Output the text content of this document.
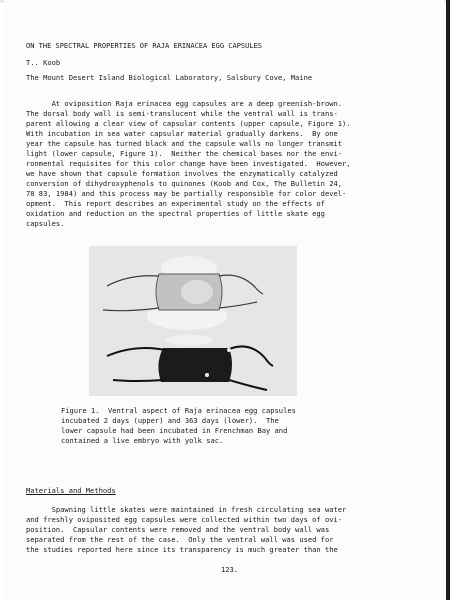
ON THE SPECTRAL PROPERTIES OF RAJA ERINACEA EGG CAPSULES
T.. Koob
The Mount Desert Island Biological Laboratory, Salsbury Cove, Maine
At oviposition Raja erinacea egg capsules are a deep greenish-brown.
The dorsal body wall is semi-translucent while the ventral wall is trans-
parent allowing a clear view of capsular contents (upper capsule, Figure 1).
With incubation in sea water capsular material gradually darkens.  By one
year the capsule has turned black and the capsule walls no longer transmit
light (lower capsule, Figure 1).  Neither the chemical bases nor the envi-
ronmental requisites for this color change have been investigated.  However,
we have shown that capsule formation involves the enzymatically catalyzed
conversion of dihydroxyphenols to quinones (Koob and Cox, The Bulletin 24,
78 83, 1984) and this process may be partially responsible for color devel-
opment.  This report describes an experimental study on the effects of
oxidation and reduction on the spectral properties of little skate egg
capsules.
Figure 1.  Ventral aspect of Raja erinacea egg capsules
incubated 2 days (upper) and 363 days (lower).  The
lower capsule had been incubated in Frenchman Bay and
contained a live embryo with yolk sac.
Materials and Methods
Spawning little skates were maintained in fresh circulating sea water
and freshly oviposited egg capsules were collected within two days of ovi-
position.  Capsular contents were removed and the ventral body wall was
separated from the rest of the case.  Only the ventral wall was used for
the studies reported here since its transparency is much greater than the
123.
